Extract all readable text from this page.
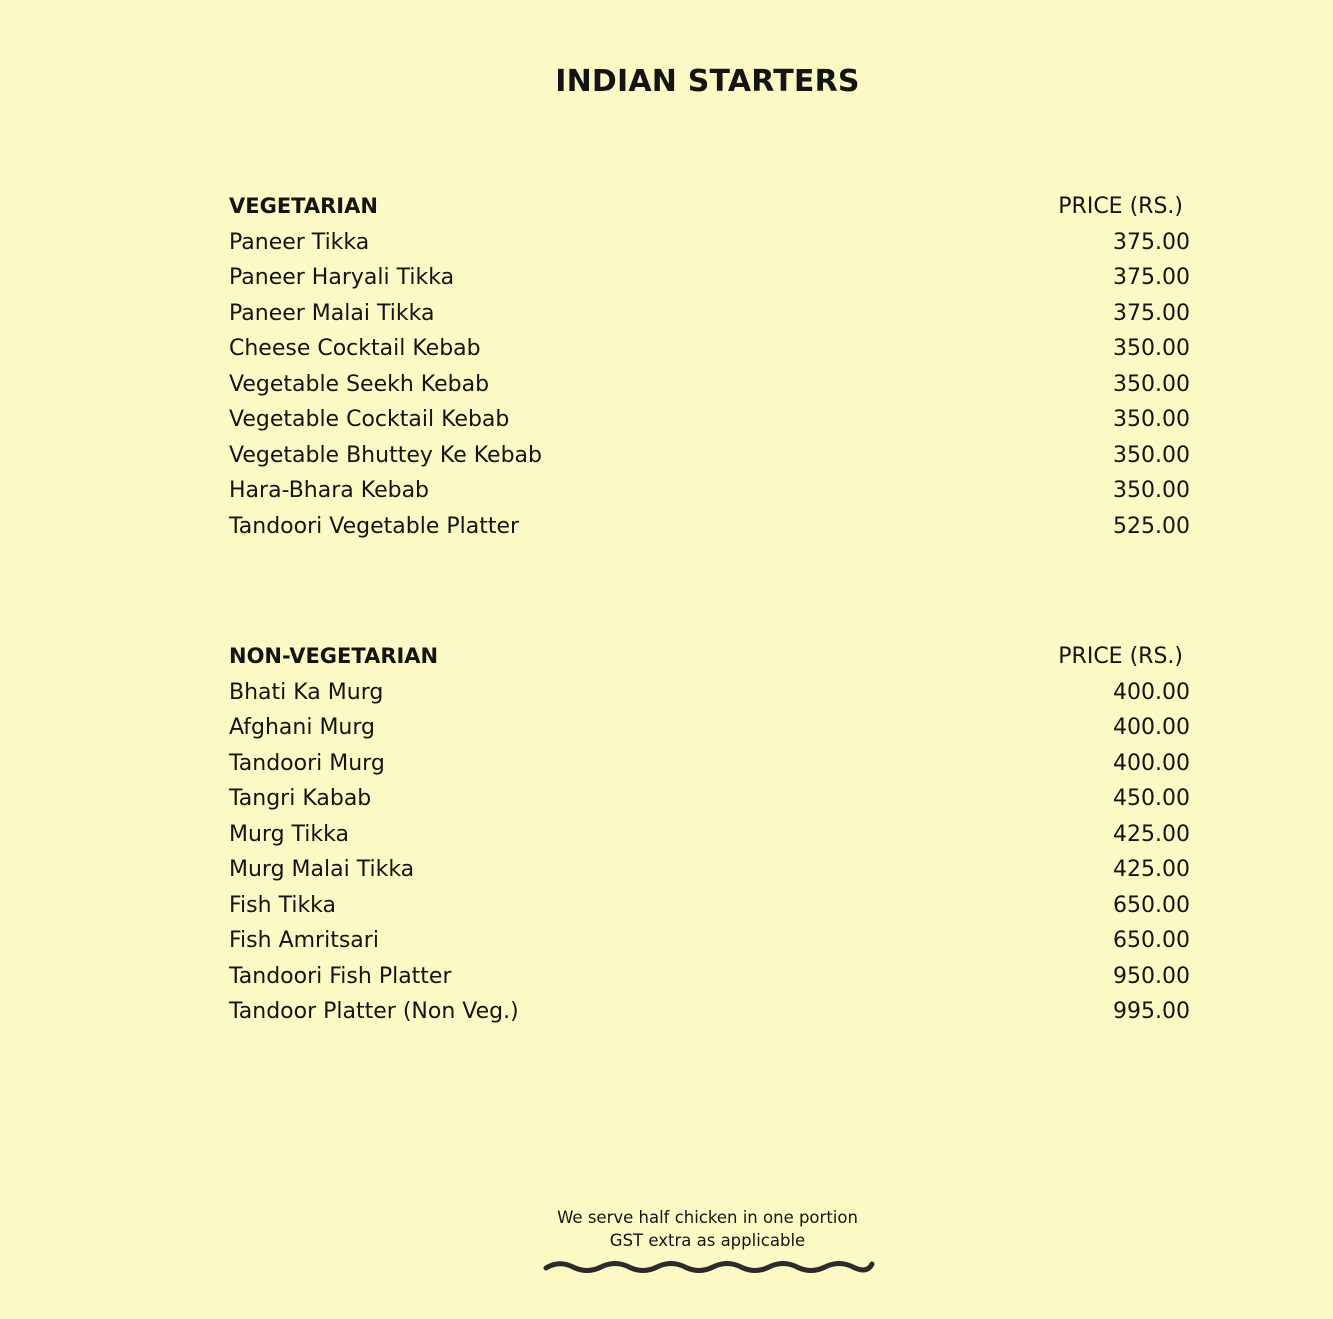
INDIAN STARTERS
VEGETARIAN	PRICE (RS.)
Paneer Tikka	375.00
Paneer Haryali Tikka	375.00
Paneer Malai Tikka	375.00
Cheese Cocktail Kebab	350.00
Vegetable Seekh Kebab	350.00
Vegetable Cocktail Kebab	350.00
Vegetable Bhuttey Ke Kebab	350.00
Hara-Bhara Kebab	350.00
Tandoori Vegetable Platter	525.00
NON-VEGETARIAN	PRICE (RS.)
Bhati Ka Murg	400.00
Afghani Murg	400.00
Tandoori Murg	400.00
Tangri Kabab	450.00
Murg Tikka	425.00
Murg Malai Tikka	425.00
Fish Tikka	650.00
Fish Amritsari	650.00
Tandoori Fish Platter	950.00
Tandoor Platter (Non Veg.)	995.00
We serve half chicken in one portion
GST extra as applicable
